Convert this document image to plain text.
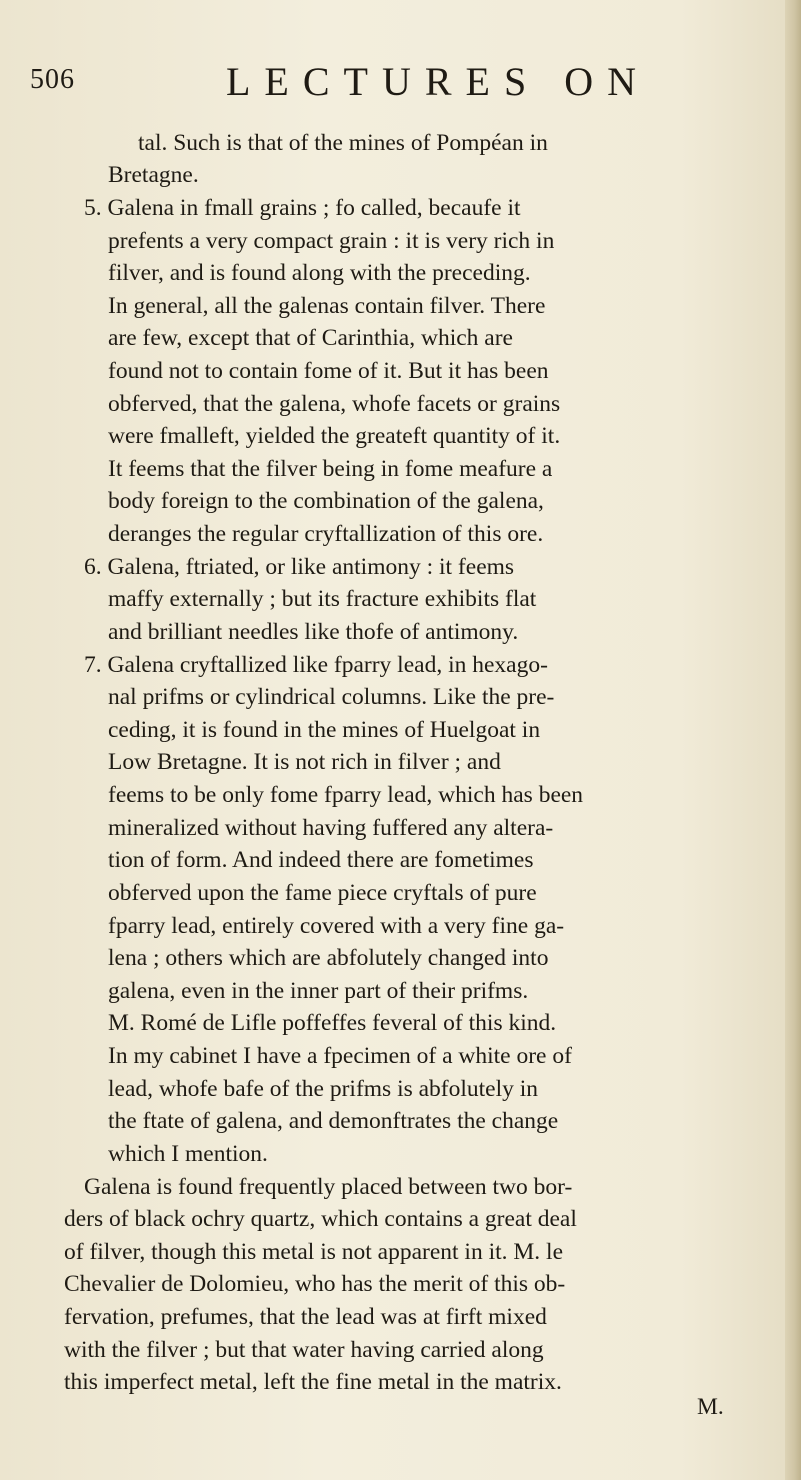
506	LECTURES ON
tal. Such is that of the mines of Pompéan in
Bretagne.
5. Galena in fmall grains ; fo called, becaufe it
prefents a very compact grain : it is very rich in
filver, and is found along with the preceding.
In general, all the galenas contain filver. There
are few, except that of Carinthia, which are
found not to contain fome of it. But it has been
obferved, that the galena, whofe facets or grains
were fmalleft, yielded the greateft quantity of it.
It feems that the filver being in fome meafure a
body foreign to the combination of the galena,
deranges the regular cryftallization of this ore.
6. Galena, ftriated, or like antimony : it feems
maffy externally ; but its fracture exhibits flat
and brilliant needles like thofe of antimony.
7. Galena cryftallized like fparry lead, in hexago-
nal prifms or cylindrical columns. Like the pre-
ceding, it is found in the mines of Huelgoat in
Low Bretagne. It is not rich in filver ; and
feems to be only fome fparry lead, which has been
mineralized without having fuffered any altera-
tion of form. And indeed there are fometimes
obferved upon the fame piece cryftals of pure
fparry lead, entirely covered with a very fine ga-
lena ; others which are abfolutely changed into
galena, even in the inner part of their prifms.
M. Romé de Lifle poffeffes feveral of this kind.
In my cabinet I have a fpecimen of a white ore of
lead, whofe bafe of the prifms is abfolutely in
the ftate of galena, and demonftrates the change
which I mention.
Galena is found frequently placed between two bor-
ders of black ochry quartz, which contains a great deal
of filver, though this metal is not apparent in it. M. le
Chevalier de Dolomieu, who has the merit of this ob-
fervation, prefumes, that the lead was at firft mixed
with the filver ; but that water having carried along
this imperfect metal, left the fine metal in the matrix.
M.
